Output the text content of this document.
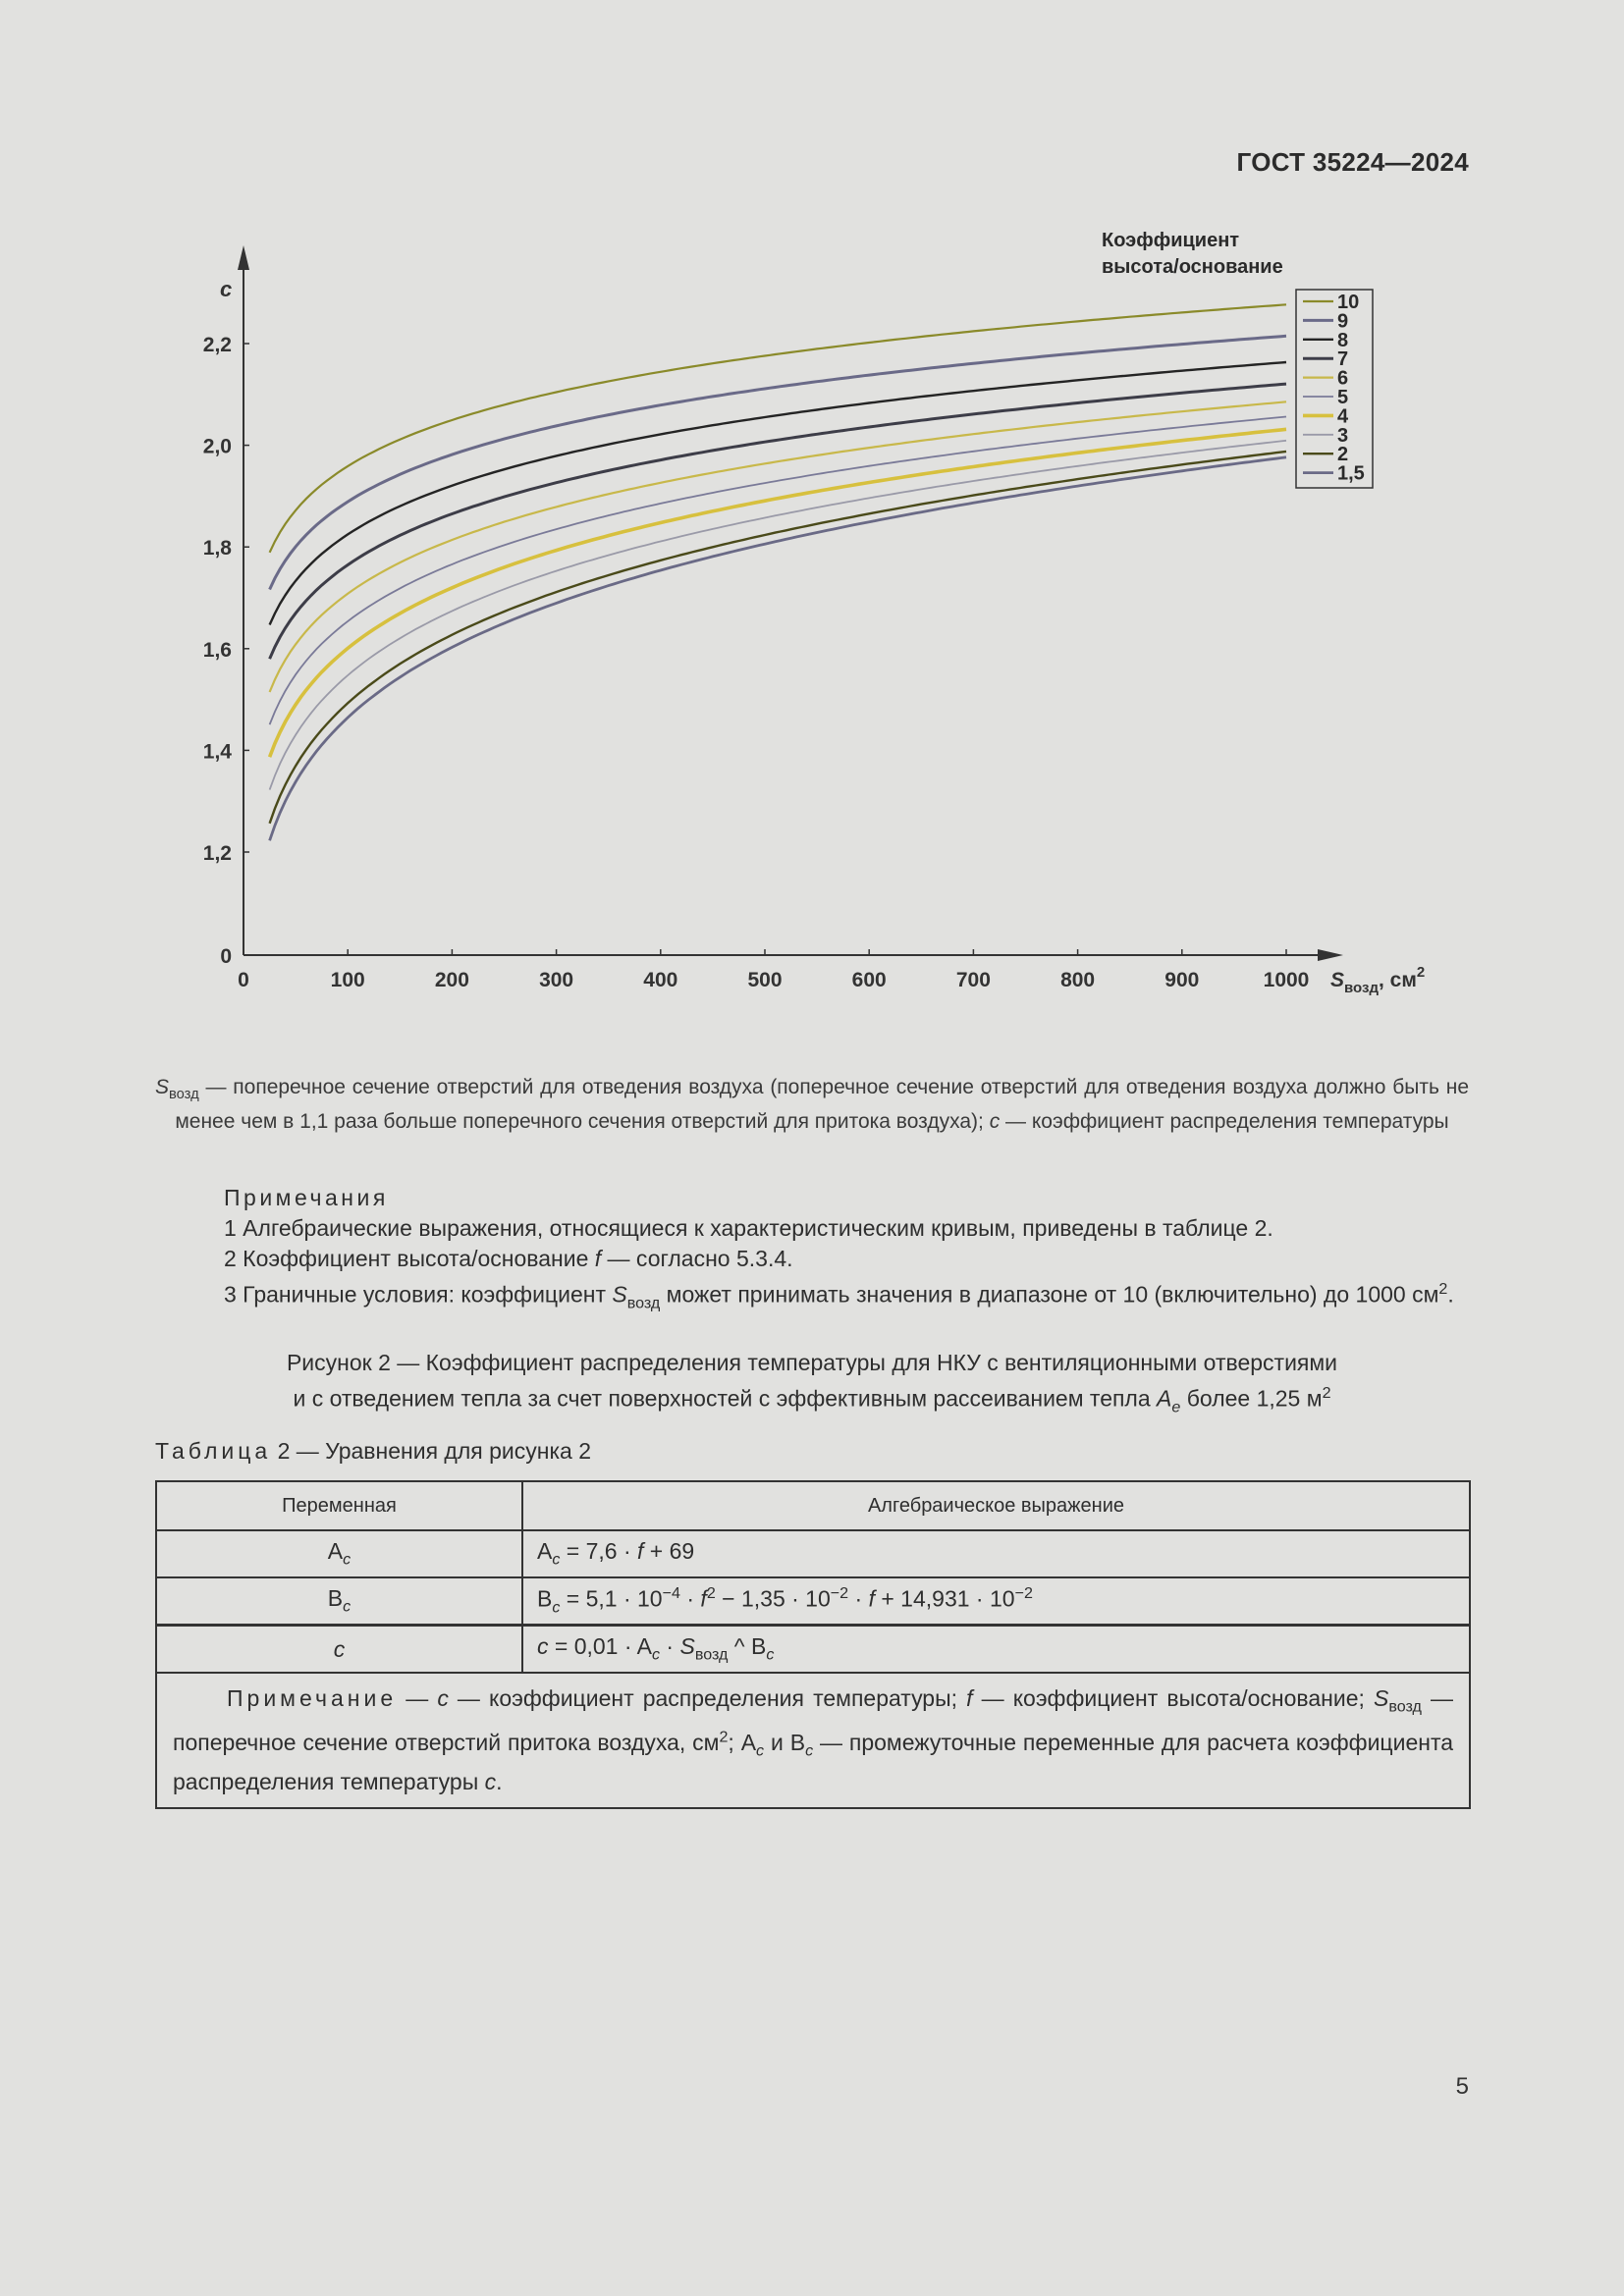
ГОСТ 35224—2024
0	100	200	300	400	500	600	700	800	900	1000
0
1,2
1,4
1,6
1,8
2,0
2,2
c
$S_{возд}$, $см^2$
Коэффициент
высота/основание
10
9
8
7
6
5
4
3
2
1,5
$S_{возд}$ — поперечное сечение отверстий для отведения воздуха (поперечное сечение отверстий для отведения воздуха должно быть не менее чем в 1,1 раза больше поперечного сечения отверстий для притока воздуха); c — коэффициент распределения температуры
Примечания
1 Алгебраические выражения, относящиеся к характеристическим кривым, приведены в таблице 2.
2 Коэффициент высота/основание f — согласно 5.3.4.
3 Граничные условия: коэффициент $S_{возд}$ может принимать значения в диапазоне от 10 (включительно) до 1000 $см^2$.
Рисунок 2 — Коэффициент распределения температуры для НКУ с вентиляционными отверстиями
и с отведением тепла за счет поверхностей с эффективным рассеиванием тепла $A_e$ более 1,25 $м^2$
Таблица 2 — Уравнения для рисунка 2
Переменная	Алгебраическое выражение
$A_c$	$A_c = 7,6 \cdot f + 69$
$B_c$	$B_c = 5,1 \cdot 10^{-4} \cdot f^2 - 1,35 \cdot 10^{-2} \cdot f + 14,931 \cdot 10^{-2}$
c	$c = 0,01 \cdot A_c \cdot S_{возд}$ ^ $B_c$
Примечание — c — коэффициент распределения температуры; f — коэффициент высота/основание; $S_{возд}$ — поперечное сечение отверстий притока воздуха, $см^2$; $A_c$ и $B_c$ — промежуточные переменные для расчета коэффициента распределения температуры c.	
5
